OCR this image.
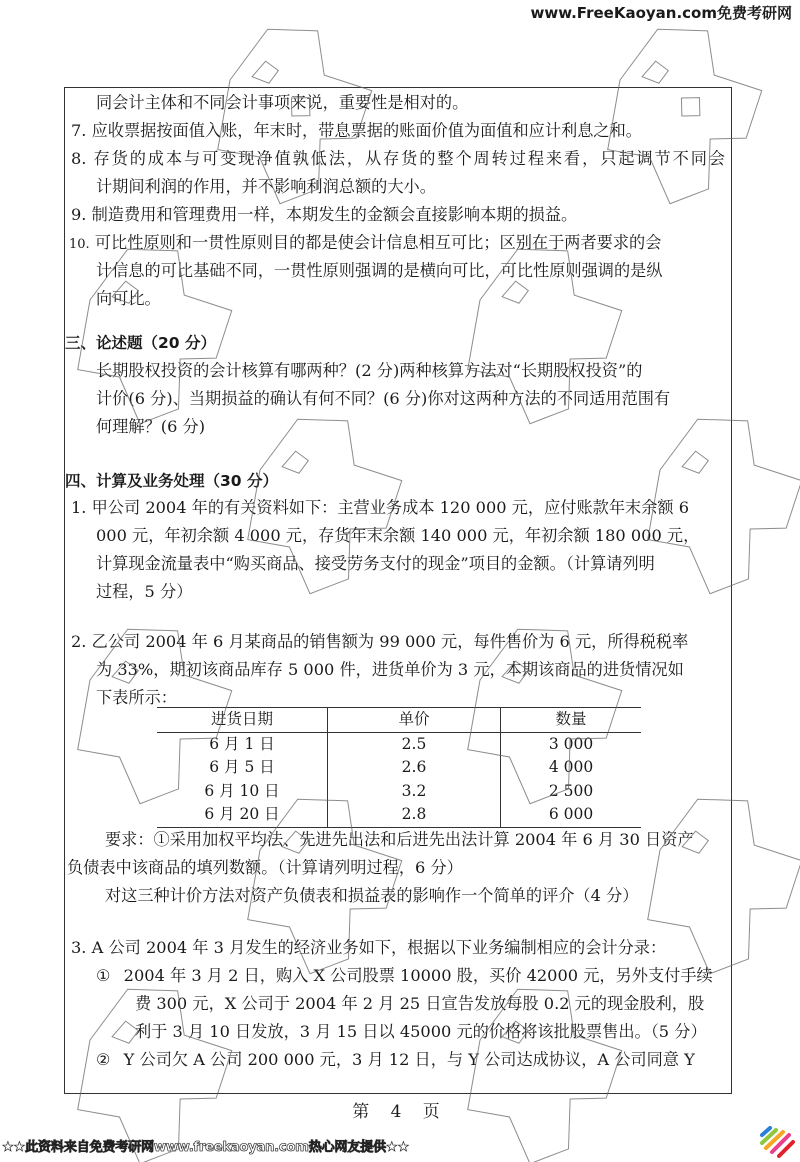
www.FreeKaoyan.com免费考研网
同会计主体和不同会计事项来说，重要性是相对的。
7. 应收票据按面值入账，年末时，带息票据的账面价值为面值和应计利息之和。
8. 存货的成本与可变现净值孰低法，从存货的整个周转过程来看，只起调节不同会
计期间利润的作用，并不影响利润总额的大小。
9. 制造费用和管理费用一样，本期发生的金额会直接影响本期的损益。
10. 可比性原则和一贯性原则目的都是使会计信息相互可比；区别在于两者要求的会
计信息的可比基础不同，一贯性原则强调的是横向可比，可比性原则强调的是纵
向可比。
三、论述题（20 分）
长期股权投资的会计核算有哪两种？(2 分)两种核算方法对“长期股权投资”的
计价(6 分)、当期损益的确认有何不同？(6 分)你对这两种方法的不同适用范围有
何理解？(6 分)
四、计算及业务处理（30 分）
1. 甲公司 2004 年的有关资料如下：主营业务成本 120 000 元，应付账款年末余额 6
000 元，年初余额 4 000 元，存货年末余额 140 000 元，年初余额 180 000 元，
计算现金流量表中“购买商品、接受劳务支付的现金”项目的金额。（计算请列明
过程，5 分）
2. 乙公司 2004 年 6 月某商品的销售额为 99 000 元，每件售价为 6 元，所得税税率
为 33%，期初该商品库存 5 000 件，进货单价为 3 元，本期该商品的进货情况如
下表所示：
要求：①采用加权平均法、先进先出法和后进先出法计算 2004 年 6 月 30 日资产
负债表中该商品的填列数额。（计算请列明过程，6 分）
对这三种计价方法对资产负债表和损益表的影响作一个简单的评介（4 分）
3. A 公司 2004 年 3 月发生的经济业务如下，根据以下业务编制相应的会计分录：
① 2004 年 3 月 2 日，购入 X 公司股票 10000 股，买价 42000 元，另外支付手续
费 300 元，X 公司于 2004 年 2 月 25 日宣告发放每股 0.2 元的现金股利，股
利于 3 月 10 日发放，3 月 15 日以 45000 元的价格将该批股票售出。（5 分）
② Y 公司欠 A 公司 200 000 元，3 月 12 日，与 Y 公司达成协议，A 公司同意 Y
进货日期	单价	数量
6 月 1 日	2.5	3 000
6 月 5 日	2.6	4 000
6 月 10 日	3.2	2 500
6 月 20 日	2.8	6 000
第 4 页
★★此资料来自免费考研网www.freekaoyan.com热心网友提供★★
